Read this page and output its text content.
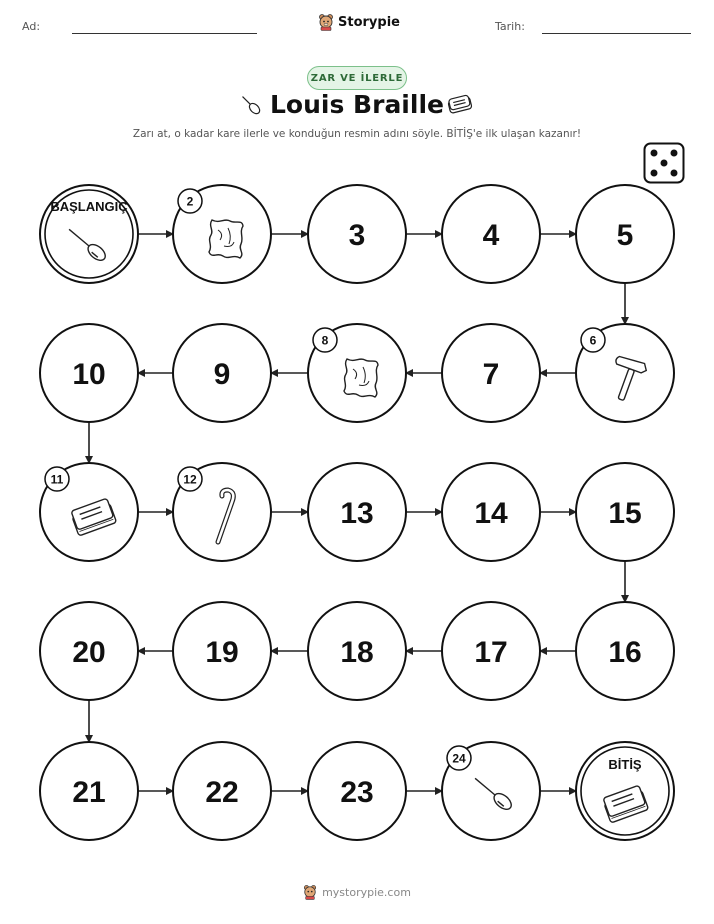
Ad:	Storypie	Tarih:
ZAR VE İLERLE
Louis Braille
Zarı at, o kadar kare ilerle ve konduğun resmin adını söyle. BİTİŞ'e ilk ulaşan kazanır!
BAŞLANGIÇ	2
3	4	5
6
7
8
9
10
11	12
13	14	15
16
17
18
19
20
21	22	23
24	BİTİŞ
mystorypie.com
